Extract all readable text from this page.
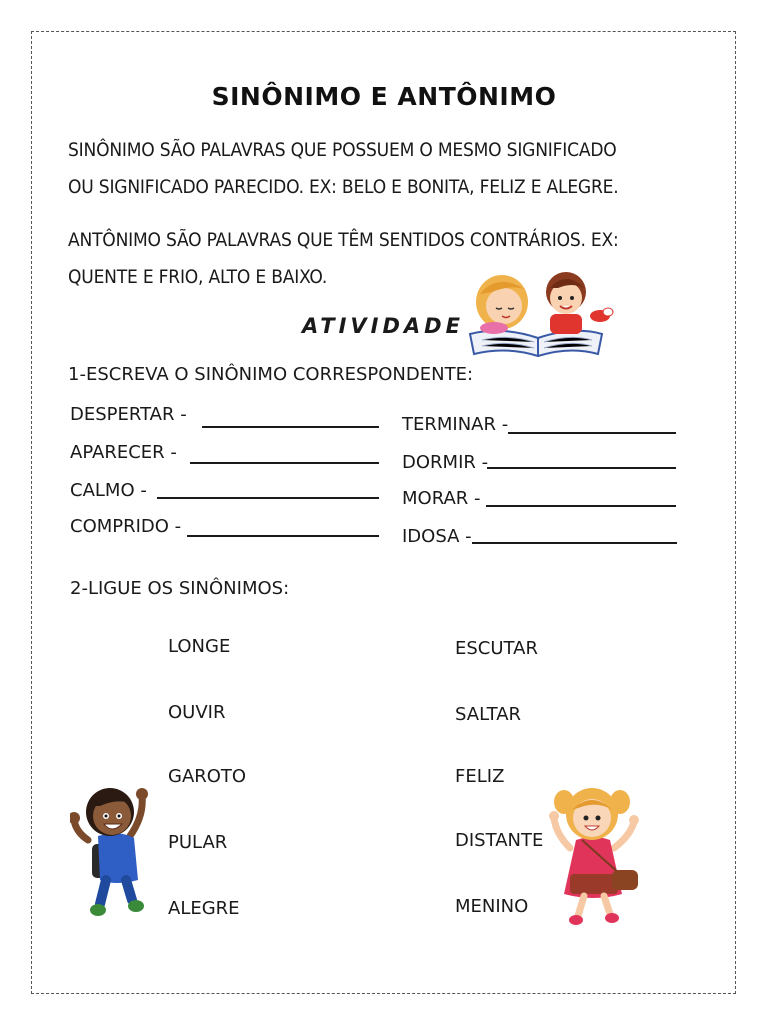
SINÔNIMO E ANTÔNIMO
SINÔNIMO SÃO PALAVRAS QUE POSSUEM O MESMO SIGNIFICADO
OU SIGNIFICADO PARECIDO. EX: BELO E BONITA, FELIZ E ALEGRE.
ANTÔNIMO SÃO PALAVRAS QUE TÊM SENTIDOS CONTRÁRIOS. EX:
QUENTE E FRIO, ALTO E BAIXO.
ATIVIDADE
1-ESCREVA O SINÔNIMO CORRESPONDENTE:
DESPERTAR -
APARECER -
CALMO -
COMPRIDO -
TERMINAR -
DORMIR -
MORAR -
IDOSA -
2-LIGUE OS SINÔNIMOS:
LONGE
OUVIR
GAROTO
PULAR
ALEGRE
ESCUTAR
SALTAR
FELIZ
DISTANTE
MENINO
